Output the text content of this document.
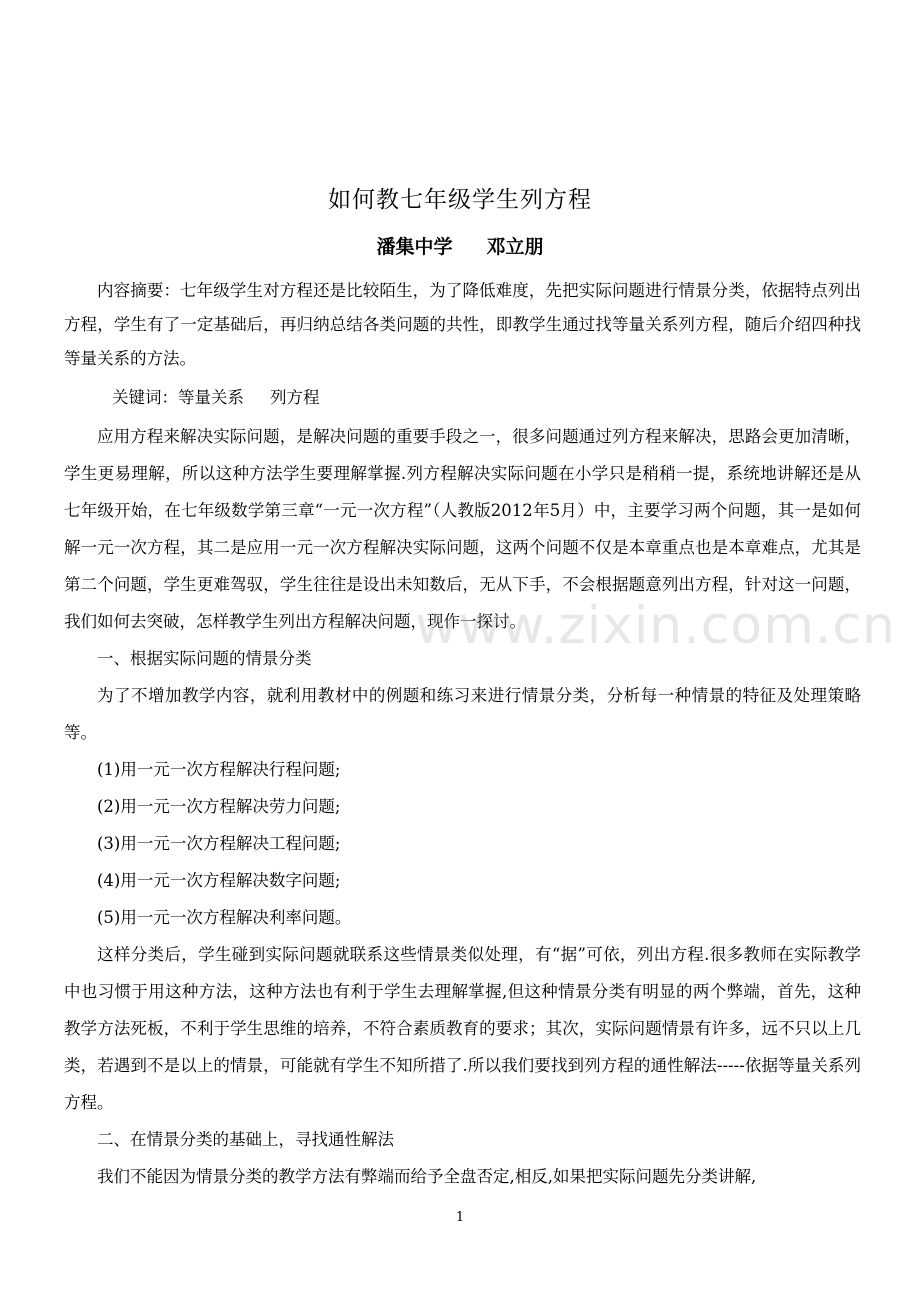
如何教七年级学生列方程
潘集中学 邓立朋

内容摘要：七年级学生对方程还是比较陌生，为了降低难度，先把实际问题进行情景分类，依据特点列出方程，学生有了一定基础后，再归纳总结各类问题的共性，即教学生通过找等量关系列方程，随后介绍四种找等量关系的方法。

关键词：等量关系 列方程

应用方程来解决实际问题，是解决问题的重要手段之一，很多问题通过列方程来解决，思路会更加清晰，学生更易理解，所以这种方法学生要理解掌握.列方程解决实际问题在小学只是稍稍一提，系统地讲解还是从七年级开始，在七年级数学第三章“一元一次方程”（人教版2012年5月）中，主要学习两个问题，其一是如何解一元一次方程，其二是应用一元一次方程解决实际问题，这两个问题不仅是本章重点也是本章难点，尤其是第二个问题，学生更难驾驭，学生往往是设出未知数后，无从下手，不会根据题意列出方程，针对这一问题，我们如何去突破，怎样教学生列出方程解决问题，现作一探讨。

一、根据实际问题的情景分类

为了不增加教学内容，就利用教材中的例题和练习来进行情景分类，分析每一种情景的特征及处理策略等。

(1)用一元一次方程解决行程问题;

(2)用一元一次方程解决劳力问题;

(3)用一元一次方程解决工程问题;

(4)用一元一次方程解决数字问题;

(5)用一元一次方程解决利率问题。

这样分类后，学生碰到实际问题就联系这些情景类似处理，有“据”可依，列出方程.很多教师在实际教学中也习惯于用这种方法，这种方法也有利于学生去理解掌握,但这种情景分类有明显的两个弊端，首先，这种教学方法死板，不利于学生思维的培养，不符合素质教育的要求；其次，实际问题情景有许多，远不只以上几类，若遇到不是以上的情景，可能就有学生不知所措了.所以我们要找到列方程的通性解法-----依据等量关系列方程。

二、在情景分类的基础上，寻找通性解法

我们不能因为情景分类的教学方法有弊端而给予全盘否定,相反,如果把实际问题先分类讲解,

www.zixin.com.cn
1
